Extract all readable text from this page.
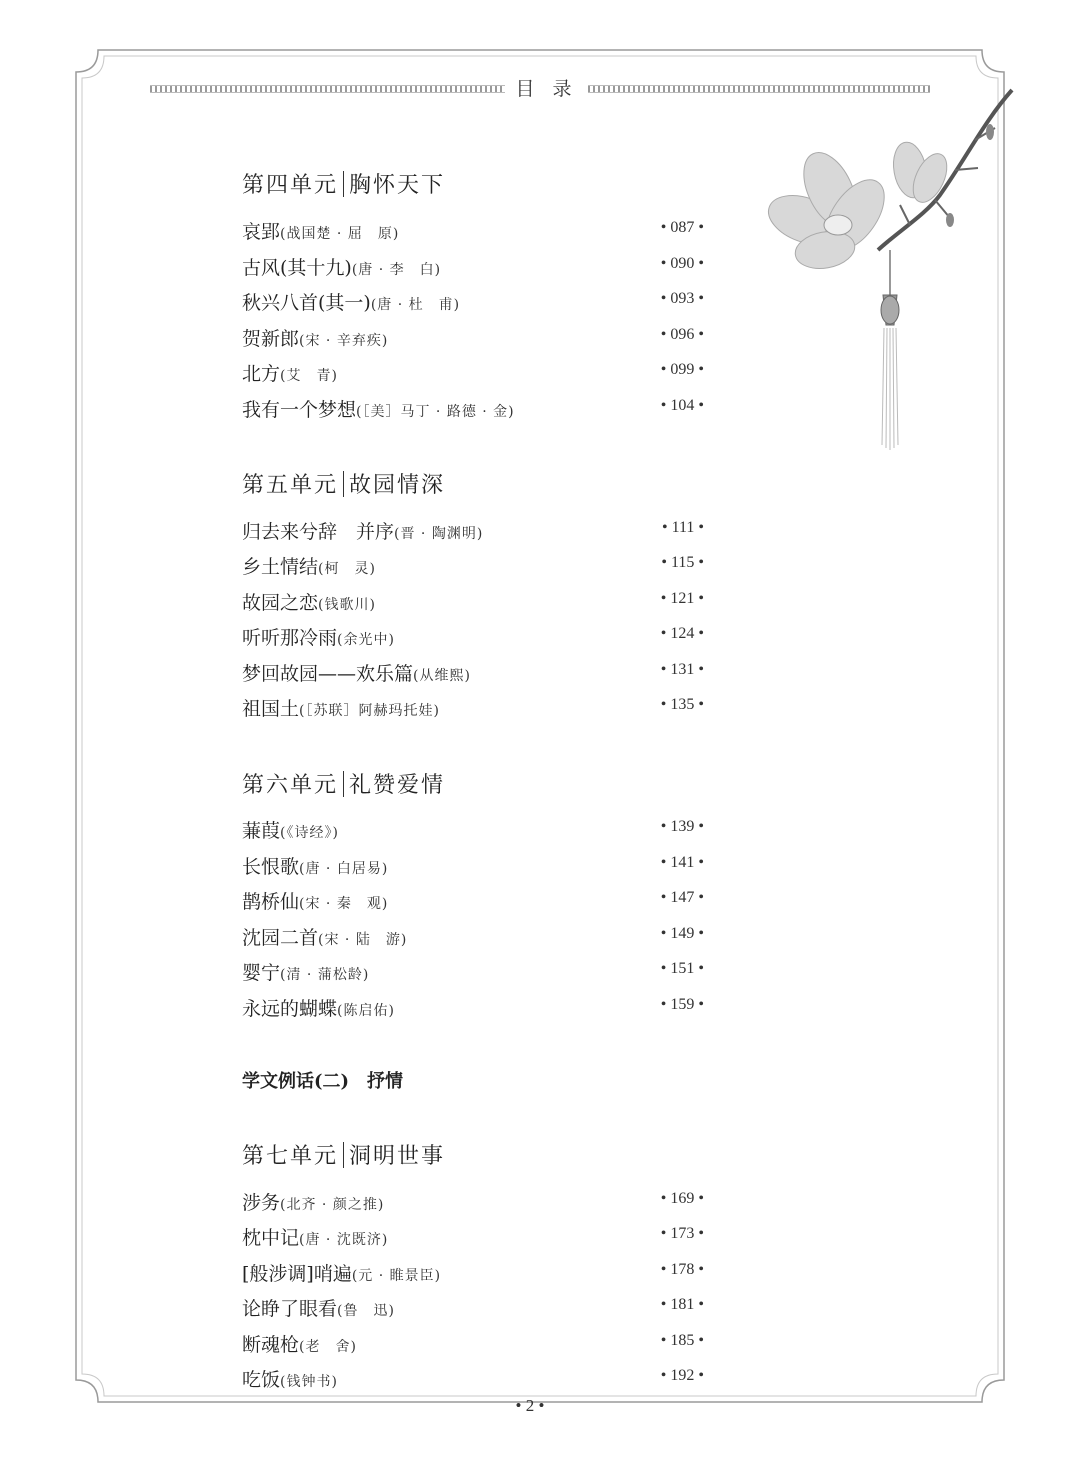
目 录
第四单元 胸怀天下
哀郢(战国楚 · 屈　原)	• 087 •
古风(其十九)(唐 · 李　白)	• 090 •
秋兴八首(其一)(唐 · 杜　甫)	• 093 •
贺新郎(宋 · 辛弃疾)	• 096 •
北方(艾　青)	• 099 •
我有一个梦想(［美］马丁 · 路德 · 金)	• 104 •
第五单元 故园情深
归去来兮辞　并序(晋 · 陶渊明)	• 111 •
乡土情结(柯　灵)	• 115 •
故园之恋(钱歌川)	• 121 •
听听那冷雨(余光中)	• 124 •
梦回故园——欢乐篇(从维熙)	• 131 •
祖国土(［苏联］阿赫玛托娃)	• 135 •
第六单元 礼赞爱情
蒹葭(《诗经》)	• 139 •
长恨歌(唐 · 白居易)	• 141 •
鹊桥仙(宋 · 秦　观)	• 147 •
沈园二首(宋 · 陆　游)	• 149 •
婴宁(清 · 蒲松龄)	• 151 •
永远的蝴蝶(陈启佑)	• 159 •
学文例话(二) 抒情
第七单元 洞明世事
涉务(北齐 · 颜之推)	• 169 •
枕中记(唐 · 沈既济)	• 173 •
[般涉调]哨遍(元 · 睢景臣)	• 178 •
论睁了眼看(鲁　迅)	• 181 •
断魂枪(老　舍)	• 185 •
吃饭(钱钟书)	• 192 •
• 2 •
